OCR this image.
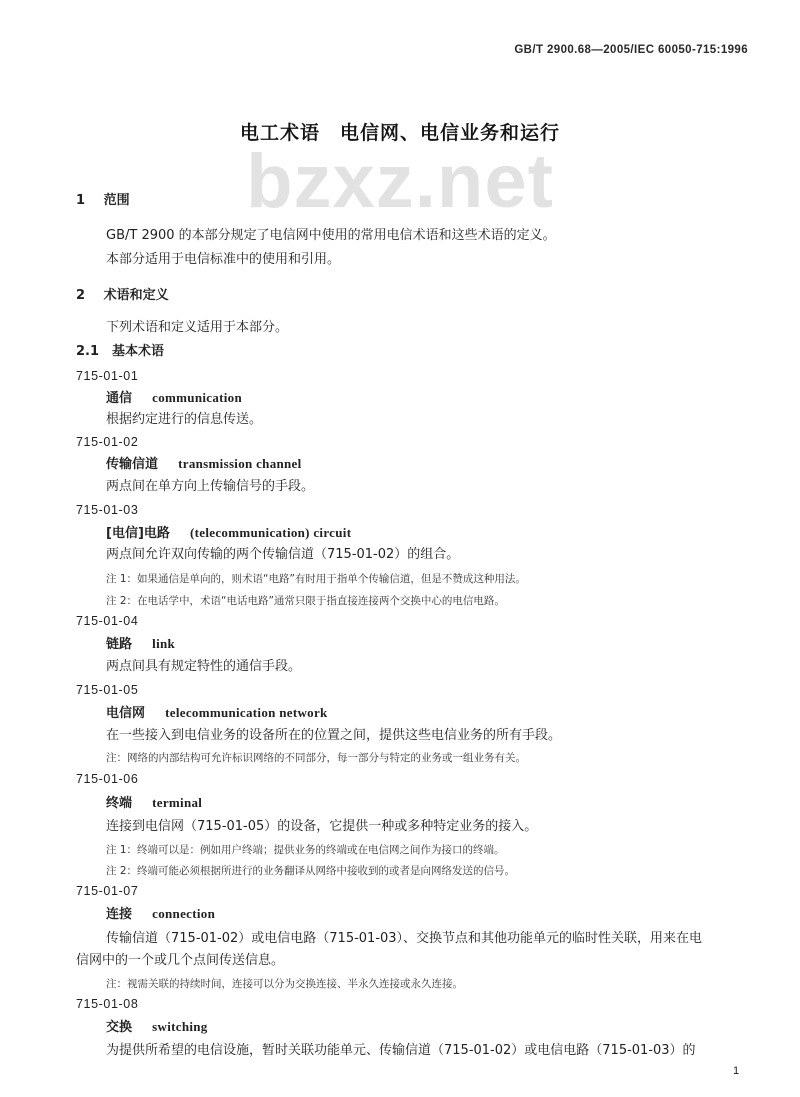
GB/T 2900.68—2005/IEC 60050-715:1996
bzxz.net
电工术语　电信网、电信业务和运行
1 范围
GB/T 2900 的本部分规定了电信网中使用的常用电信术语和这些术语的定义。
本部分适用于电信标准中的使用和引用。
2 术语和定义
下列术语和定义适用于本部分。
2.1　基本术语
715-01-01
通信 communication
根据约定进行的信息传送。
715-01-02
传输信道 transmission channel
两点间在单方向上传输信号的手段。
715-01-03
[电信]电路 (telecommunication) circuit
两点间允许双向传输的两个传输信道（715-01-02）的组合。
注 1：如果通信是单向的，则术语“电路”有时用于指单个传输信道，但是不赞成这种用法。
注 2：在电话学中，术语“电话电路”通常只限于指直接连接两个交换中心的电信电路。
715-01-04
链路 link
两点间具有规定特性的通信手段。
715-01-05
电信网 telecommunication network
在一些接入到电信业务的设备所在的位置之间，提供这些电信业务的所有手段。
注：网络的内部结构可允许标识网络的不同部分，每一部分与特定的业务或一组业务有关。
715-01-06
终端 terminal
连接到电信网（715-01-05）的设备，它提供一种或多种特定业务的接入。
注 1：终端可以是：例如用户终端；提供业务的终端或在电信网之间作为接口的终端。
注 2：终端可能必须根据所进行的业务翻译从网络中接收到的或者是向网络发送的信号。
715-01-07
连接 connection
传输信道（715-01-02）或电信电路（715-01-03）、交换节点和其他功能单元的临时性关联，用来在电
信网中的一个或几个点间传送信息。
注：视需关联的持续时间，连接可以分为交换连接、半永久连接或永久连接。
715-01-08
交换 switching
为提供所希望的电信设施，暂时关联功能单元、传输信道（715-01-02）或电信电路（715-01-03）的
1
